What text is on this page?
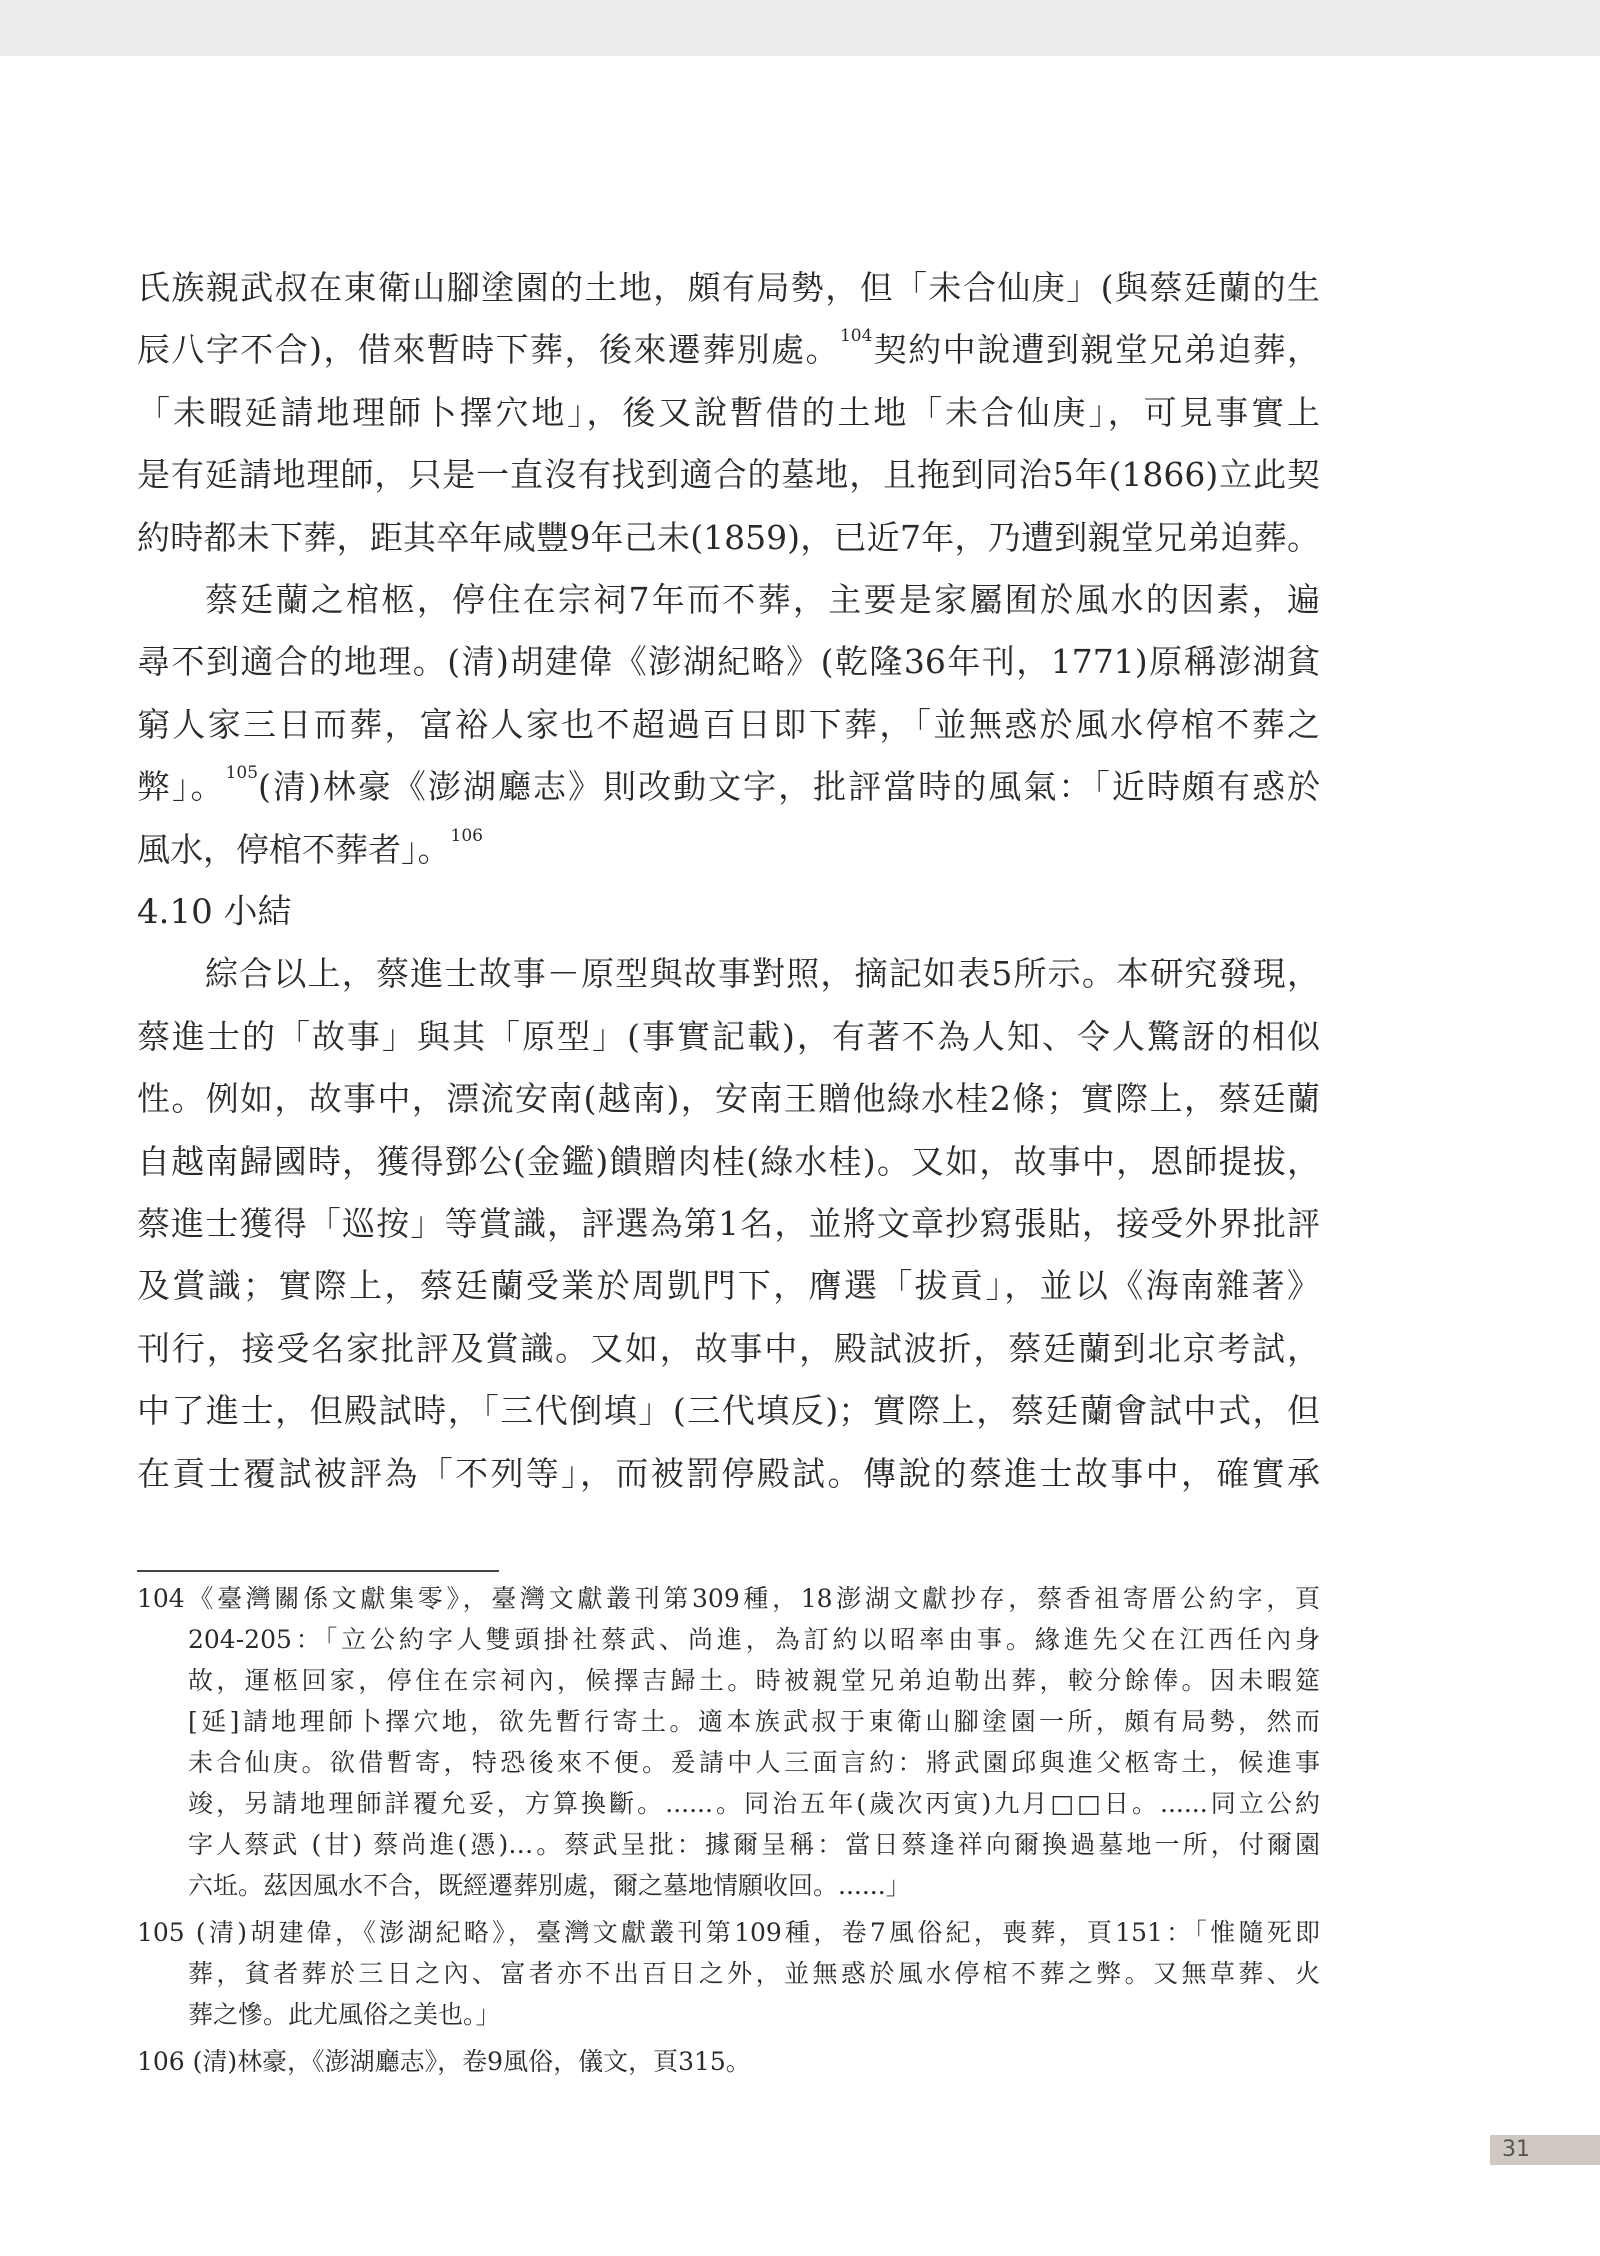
氏族親武叔在東衛山腳塗園的土地，頗有局勢，但「未合仙庚」(與蔡廷蘭的生
辰八字不合)，借來暫時下葬，後來遷葬別處。$^{104}$契約中說遭到親堂兄弟迫葬，
「未暇延請地理師卜擇穴地」，後又說暫借的土地「未合仙庚」，可見事實上
是有延請地理師，只是一直沒有找到適合的墓地，且拖到同治5年(1866)立此契
約時都未下葬，距其卒年咸豐9年己未(1859)，已近7年，乃遭到親堂兄弟迫葬。
蔡廷蘭之棺柩，停住在宗祠7年而不葬，主要是家屬囿於風水的因素，遍
尋不到適合的地理。(清)胡建偉《澎湖紀略》(乾隆36年刊，1771)原稱澎湖貧
窮人家三日而葬，富裕人家也不超過百日即下葬，「並無惑於風水停棺不葬之
弊」。$^{105}$(清)林豪《澎湖廳志》則改動文字，批評當時的風氣：「近時頗有惑於
風水，停棺不葬者」。$^{106}$
4.10 小結
綜合以上，蔡進士故事－原型與故事對照，摘記如表5所示。本研究發現，
蔡進士的「故事」與其「原型」(事實記載)，有著不為人知、令人驚訝的相似
性。例如，故事中，漂流安南(越南)，安南王贈他綠水桂2條；實際上，蔡廷蘭
自越南歸國時，獲得鄧公(金鑑)饋贈肉桂(綠水桂)。又如，故事中，恩師提拔，
蔡進士獲得「巡按」等賞識，評選為第1名，並將文章抄寫張貼，接受外界批評
及賞識；實際上，蔡廷蘭受業於周凱門下，膺選「拔貢」，並以《海南雜著》
刊行，接受名家批評及賞識。又如，故事中，殿試波折，蔡廷蘭到北京考試，
中了進士，但殿試時，「三代倒填」(三代填反)；實際上，蔡廷蘭會試中式，但
在貢士覆試被評為「不列等」，而被罰停殿試。傳說的蔡進士故事中，確實承
104《臺灣關係文獻集零》，臺灣文獻叢刊第309種，18澎湖文獻抄存，蔡香祖寄厝公約字，頁
204-205：「立公約字人雙頭掛社蔡武、尚進，為訂約以昭率由事。緣進先父在江西任內身
故，運柩回家，停住在宗祠內，候擇吉歸土。時被親堂兄弟迫勒出葬，較分餘俸。因未暇筵
[延]請地理師卜擇穴地，欲先暫行寄土。適本族武叔于東衛山腳塗園一所，頗有局勢，然而
未合仙庚。欲借暫寄，特恐後來不便。爰請中人三面言約：將武園邱與進父柩寄土，候進事
竣，另請地理師詳覆允妥，方算換斷。......。同治五年(歲次丙寅)九月□□日。......同立公約
字人蔡武 (甘) 蔡尚進(憑)…。蔡武呈批：據爾呈稱：當日蔡逢祥向爾換過墓地一所，付爾園
六坵。茲因風水不合，既經遷葬別處，爾之墓地情願收回。......」
105 (清)胡建偉，《澎湖紀略》，臺灣文獻叢刊第109種，卷7風俗紀，喪葬，頁151：「惟隨死即
葬，貧者葬於三日之內、富者亦不出百日之外，並無惑於風水停棺不葬之弊。又無草葬、火
葬之慘。此尤風俗之美也。」
106 (清)林豪，《澎湖廳志》，卷9風俗，儀文，頁315。
31
